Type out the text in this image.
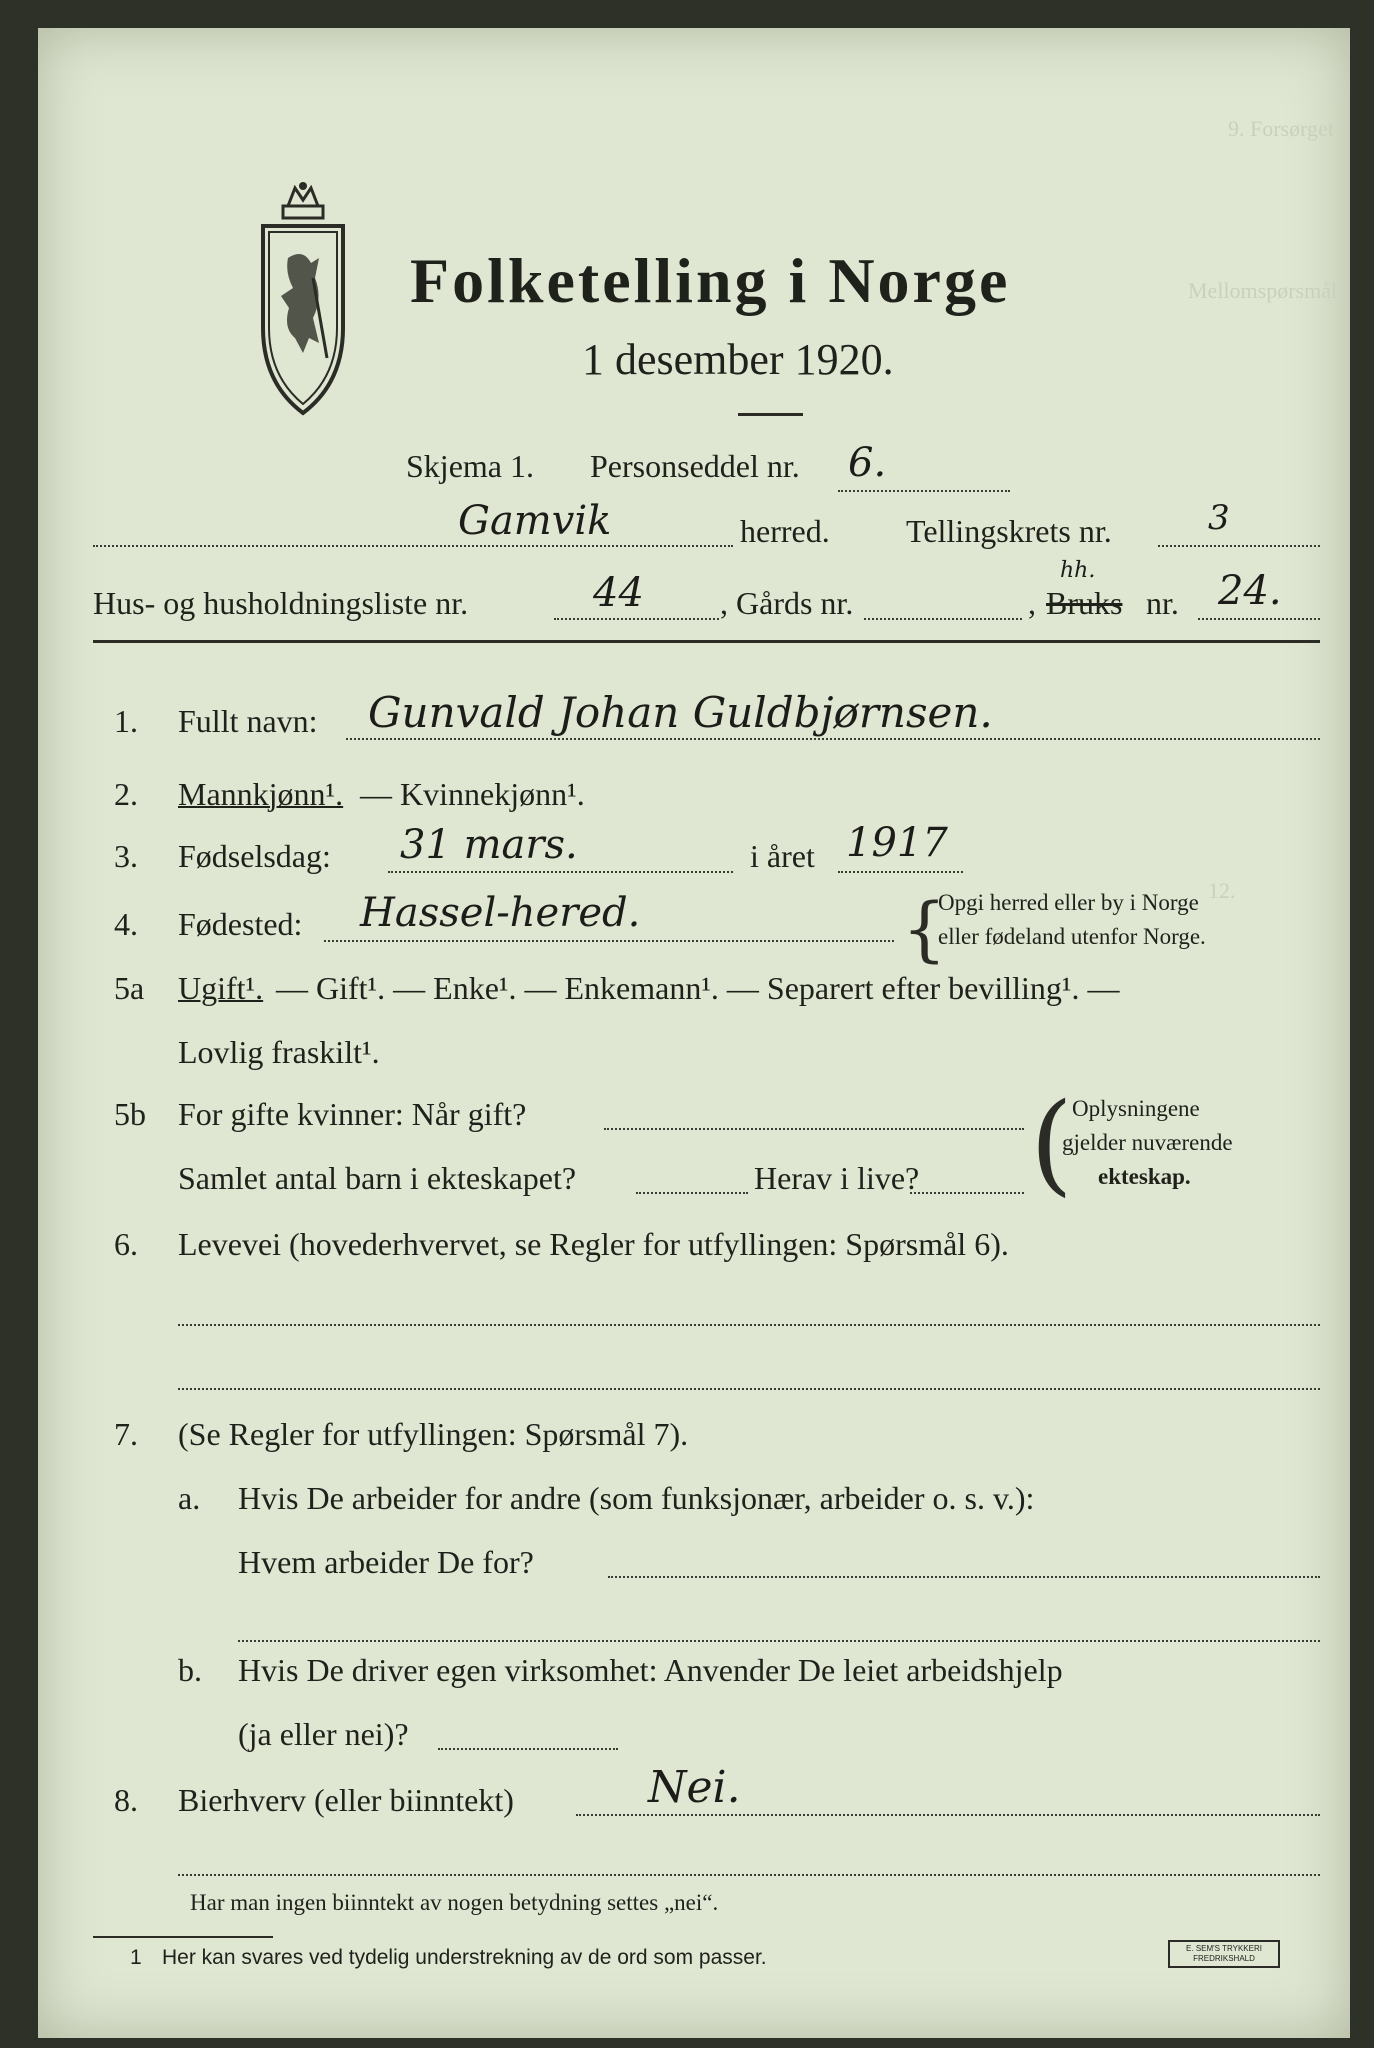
9. Forsørget
Mellomspørsmål
12.
Folketelling i Norge
1 desember 1920.
Skjema 1. Personseddel nr. 6.
Gamvik	herred. Tellingskrets nr.	3
Hus- og husholdningsliste nr.	44 , Gårds nr.	, Bruks
hh.
nr. 24.
1. Fullt navn: Gunvald Johan Guldbjørnsen.
2. Mannkjønn¹. — Kvinnekjønn¹.
3. Fødselsdag: 31 mars.	i året 1917
4. Fødested: Hassel-hered.	{
Opgi herred eller by i Norge
eller fødeland utenfor Norge.
5a Ugift¹. — Gift¹. — Enke¹. — Enkemann¹. — Separert efter bevilling¹. —
Lovlig fraskilt¹.
5b For gifte kvinner: Når gift?
Samlet antal barn i ekteskapet?	Herav i live? ( Oplysningene
gjelder nuværende
ekteskap.
6. Levevei (hovederhvervet, se Regler for utfyllingen: Spørsmål 6).
7. (Se Regler for utfyllingen: Spørsmål 7).
a. Hvis De arbeider for andre (som funksjonær, arbeider o. s. v.):
Hvem arbeider De for?
b. Hvis De driver egen virksomhet: Anvender De leiet arbeidshjelp
(ja eller nei)?
8. Bierhverv (eller biinntekt)	Nei.
Har man ingen biinntekt av nogen betydning settes „nei“.
1 Her kan svares ved tydelig understrekning av de ord som passer.	E. SEM'S TRYKKERI
FREDRIKSHALD
